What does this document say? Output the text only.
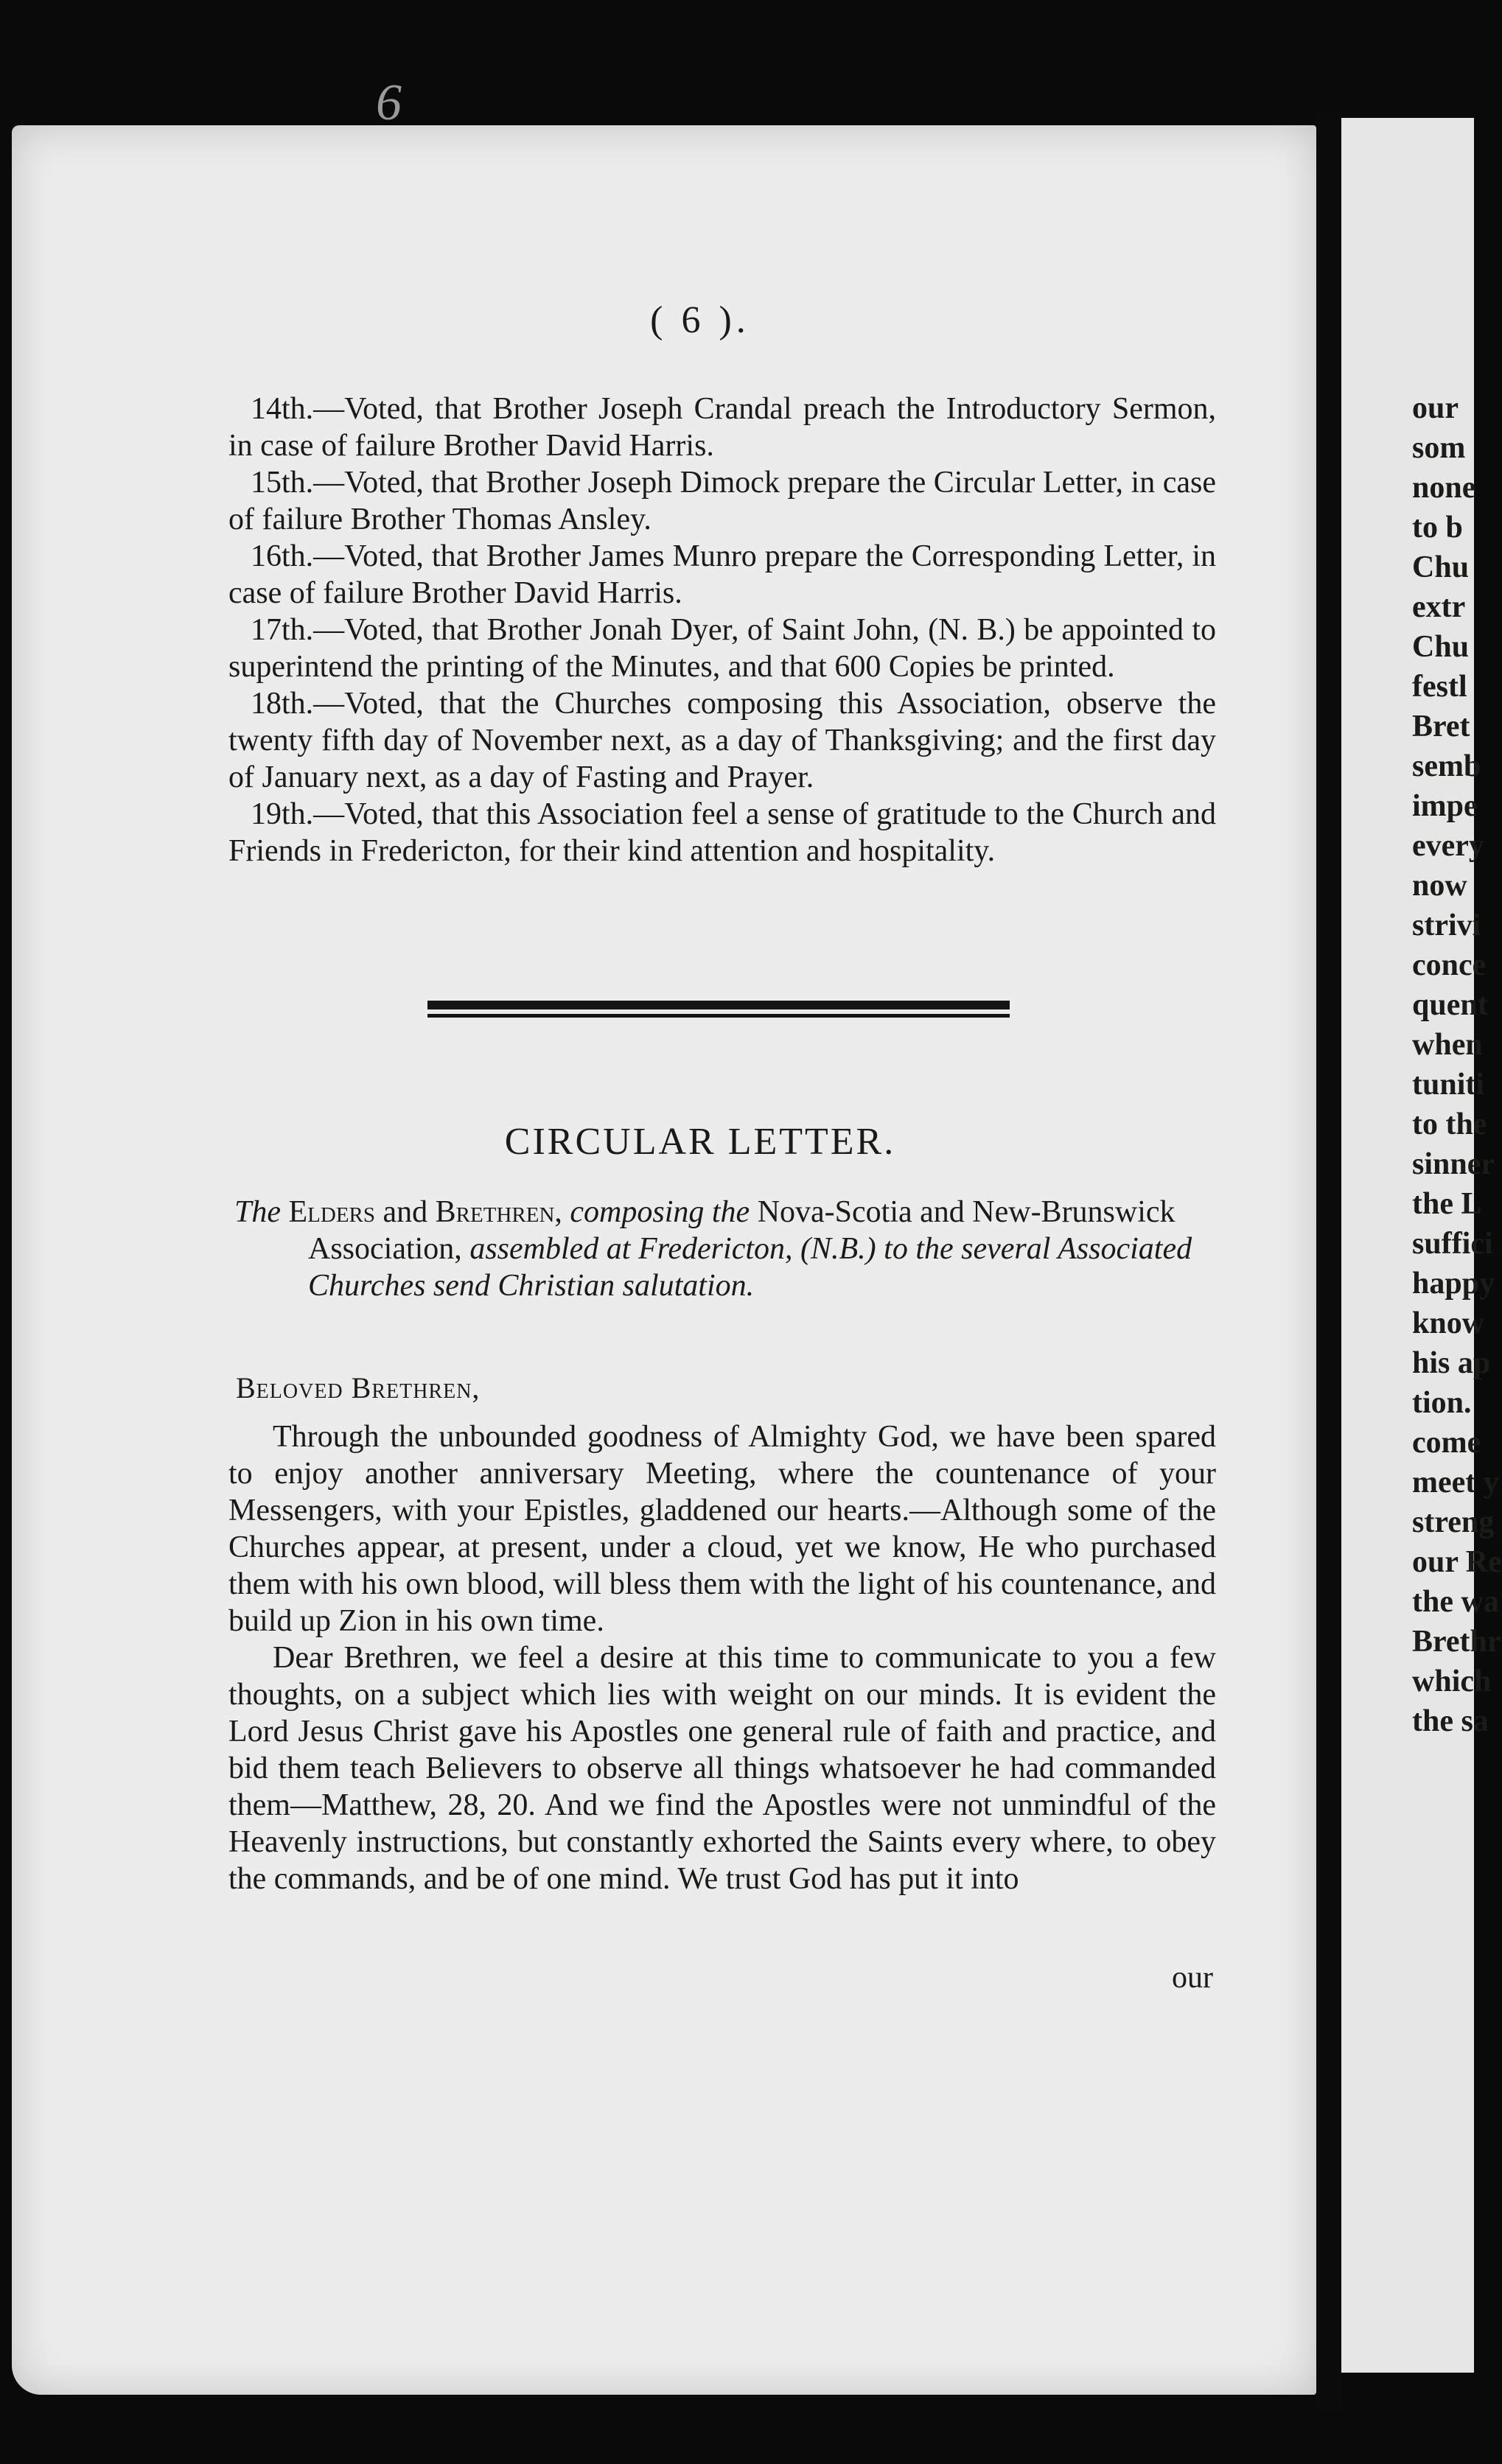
our
som
none
to b
Chu
extr
Chu
festl
Bret
semb
impe
every
now
strivi
conce
quent
when
tuniti
to the
sinner
the L
suffici
happy
know
his ap
tion.
come
meet y
streng
our Re
the wa
Brethr
which
the sa
6
( 6 ).

14th.—Voted, that Brother Joseph Crandal preach the Introductory Sermon, in case of failure Brother David Harris.

15th.—Voted, that Brother Joseph Dimock prepare the Circular Letter, in case of failure Brother Thomas Ansley.

16th.—Voted, that Brother James Munro prepare the Corresponding Letter, in case of failure Brother David Harris.

17th.—Voted, that Brother Jonah Dyer, of Saint John, (N. B.) be appointed to superintend the printing of the Minutes, and that 600 Copies be printed.

18th.—Voted, that the Churches composing this Association, observe the twenty fifth day of November next, as a day of Thanksgiving; and the first day of January next, as a day of Fasting and Prayer.

19th.—Voted, that this Association feel a sense of gratitude to the Church and Friends in Fredericton, for their kind attention and hospitality.

CIRCULAR LETTER.
The Elders and Brethren, composing the Nova-Scotia and New-Brunswick Association, assembled at Fredericton, (N.B.) to the several Associated Churches send Christian salutation.
Beloved Brethren,

Through the unbounded goodness of Almighty God, we have been spared to enjoy another anniversary Meeting, where the countenance of your Messengers, with your Epistles, gladdened our hearts.—Although some of the Churches appear, at present, under a cloud, yet we know, He who purchased them with his own blood, will bless them with the light of his countenance, and build up Zion in his own time.

Dear Brethren, we feel a desire at this time to communicate to you a few thoughts, on a subject which lies with weight on our minds. It is evident the Lord Jesus Christ gave his Apostles one general rule of faith and practice, and bid them teach Believers to observe all things whatsoever he had commanded them—Matthew, 28, 20. And we find the Apostles were not unmindful of the Heavenly instructions, but constantly exhorted the Saints every where, to obey the commands, and be of one mind. We trust God has put it into

our
